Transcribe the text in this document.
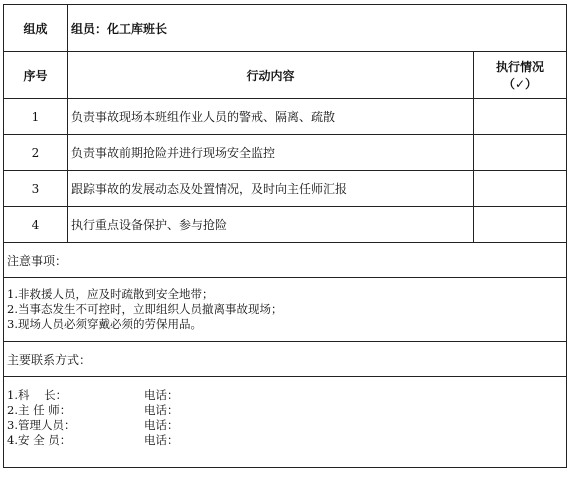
组成	组员：化工库班长	
序号	行动内容	执行情况
（✓）

1	负责事故现场本班组作业人员的警戒、隔离、疏散	
2	负责事故前期抢险并进行现场安全监控	
3	跟踪事故的发展动态及处置情况，及时向主任师汇报	
4	执行重点设备保护、参与抢险	
注意事项：		

1.非救援人员，应及时疏散到安全地带；
2.当事态发生不可控时，立即组织人员撤离事故现场；
3.现场人员必须穿戴必须的劳保用品。		

主要联系方式：		

1.科    长： 电话：
2.主 任 师： 电话：
3.管理人员： 电话：
4.安 全 员： 电话：		
